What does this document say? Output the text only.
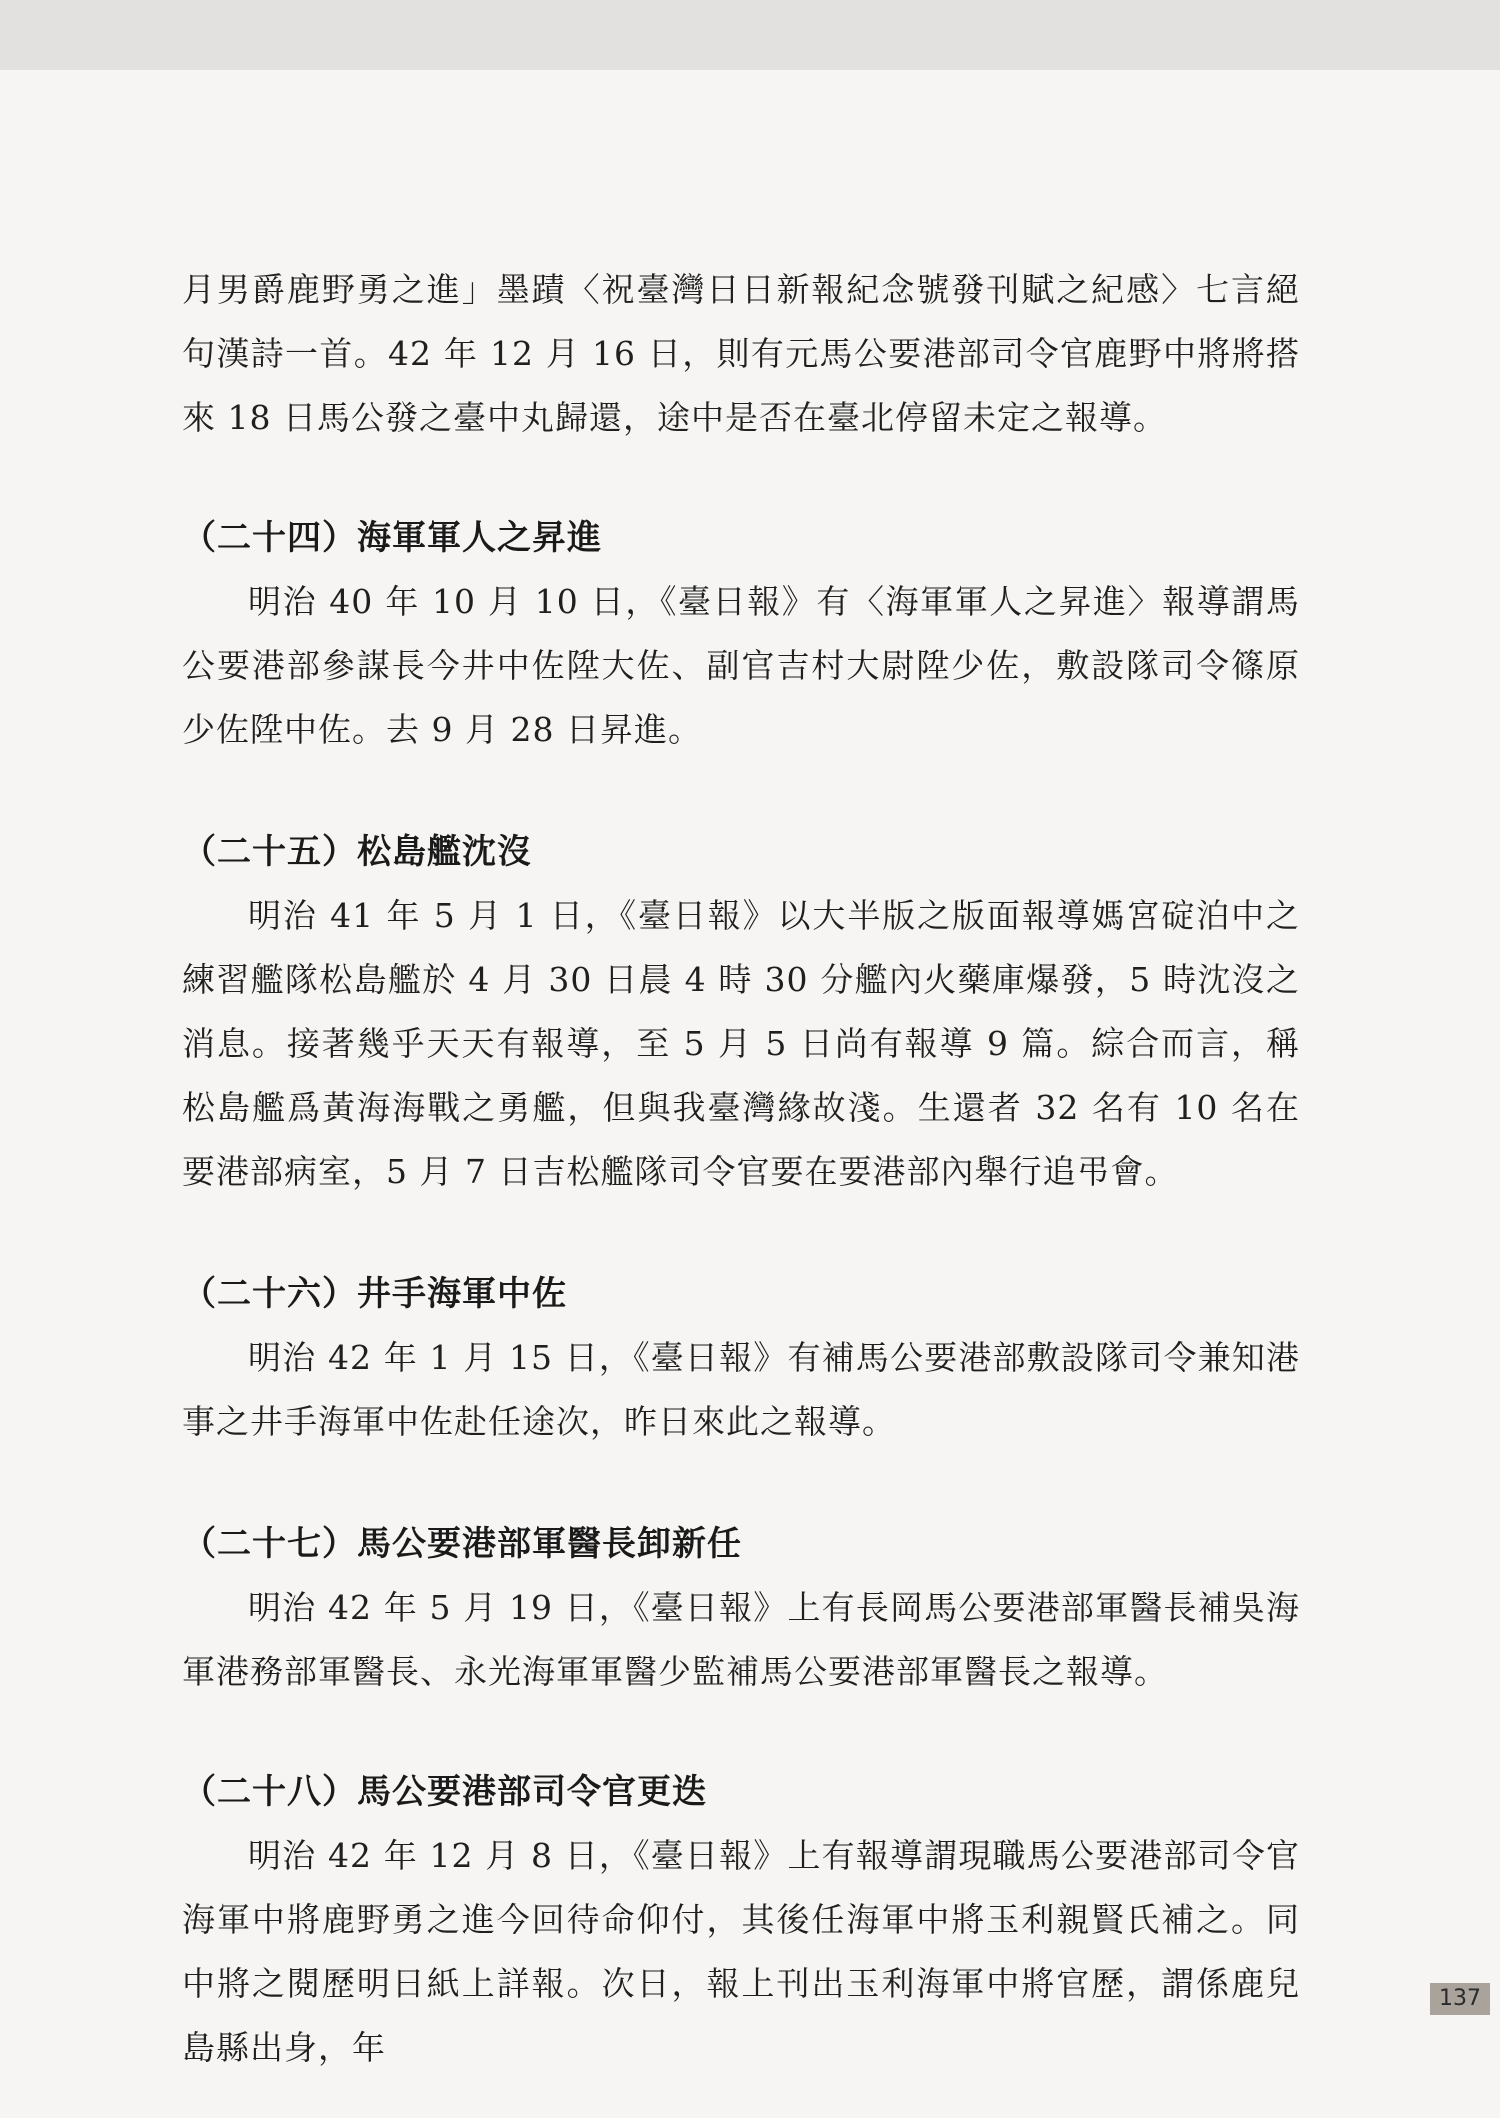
月男爵鹿野勇之進」墨蹟〈祝臺灣日日新報紀念號發刊賦之紀感〉七言絕句漢詩一首。42 年 12 月 16 日，則有元馬公要港部司令官鹿野中將將搭來 18 日馬公發之臺中丸歸還，途中是否在臺北停留未定之報導。

（二十四）海軍軍人之昇進

明治 40 年 10 月 10 日，《臺日報》有〈海軍軍人之昇進〉報導謂馬公要港部參謀長今井中佐陞大佐、副官吉村大尉陞少佐，敷設隊司令篠原少佐陞中佐。去 9 月 28 日昇進。

（二十五）松島艦沈沒

明治 41 年 5 月 1 日，《臺日報》以大半版之版面報導媽宮碇泊中之練習艦隊松島艦於 4 月 30 日晨 4 時 30 分艦內火藥庫爆發，5 時沈沒之消息。接著幾乎天天有報導，至 5 月 5 日尚有報導 9 篇。綜合而言，稱松島艦爲黃海海戰之勇艦，但與我臺灣緣故淺。生還者 32 名有 10 名在要港部病室，5 月 7 日吉松艦隊司令官要在要港部內舉行追弔會。

（二十六）井手海軍中佐

明治 42 年 1 月 15 日，《臺日報》有補馬公要港部敷設隊司令兼知港事之井手海軍中佐赴任途次，昨日來此之報導。

（二十七）馬公要港部軍醫長卸新任

明治 42 年 5 月 19 日，《臺日報》上有長岡馬公要港部軍醫長補吳海軍港務部軍醫長、永光海軍軍醫少監補馬公要港部軍醫長之報導。

（二十八）馬公要港部司令官更迭

明治 42 年 12 月 8 日，《臺日報》上有報導謂現職馬公要港部司令官海軍中將鹿野勇之進今回待命仰付，其後任海軍中將玉利親賢氏補之。同中將之閱歷明日紙上詳報。次日，報上刊出玉利海軍中將官歷，謂係鹿兒島縣出身，年

137
